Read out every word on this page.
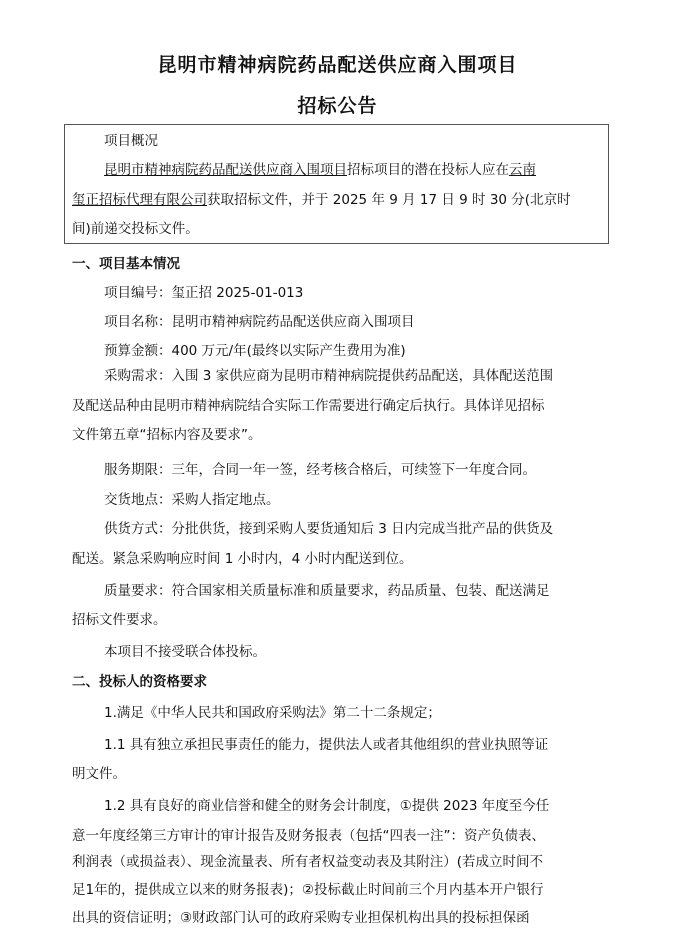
昆明市精神病院药品配送供应商入围项目
招标公告
项目概况
昆明市精神病院药品配送供应商入围项目招标项目的潜在投标人应在云南
玺正招标代理有限公司获取招标文件，并于 2025 年 9 月 17 日 9 时 30 分(北京时
间)前递交投标文件。
一、项目基本情况
项目编号：玺正招 2025-01-013
项目名称：昆明市精神病院药品配送供应商入围项目
预算金额：400 万元/年(最终以实际产生费用为准)
采购需求：入围 3 家供应商为昆明市精神病院提供药品配送，具体配送范围
及配送品种由昆明市精神病院结合实际工作需要进行确定后执行。具体详见招标
文件第五章“招标内容及要求”。
服务期限：三年，合同一年一签，经考核合格后，可续签下一年度合同。
交货地点：采购人指定地点。
供货方式：分批供货，接到采购人要货通知后 3 日内完成当批产品的供货及
配送。紧急采购响应时间 1 小时内，4 小时内配送到位。
质量要求：符合国家相关质量标准和质量要求，药品质量、包装、配送满足
招标文件要求。
本项目不接受联合体投标。
二、投标人的资格要求
1.满足《中华人民共和国政府采购法》第二十二条规定；
1.1 具有独立承担民事责任的能力，提供法人或者其他组织的营业执照等证
明文件。
1.2 具有良好的商业信誉和健全的财务会计制度，①提供 2023 年度至今任
意一年度经第三方审计的审计报告及财务报表（包括“四表一注”：资产负债表、
利润表（或损益表）、现金流量表、所有者权益变动表及其附注）(若成立时间不
足1年的，提供成立以来的财务报表)；②投标截止时间前三个月内基本开户银行
出具的资信证明；③财政部门认可的政府采购专业担保机构出具的投标担保函
